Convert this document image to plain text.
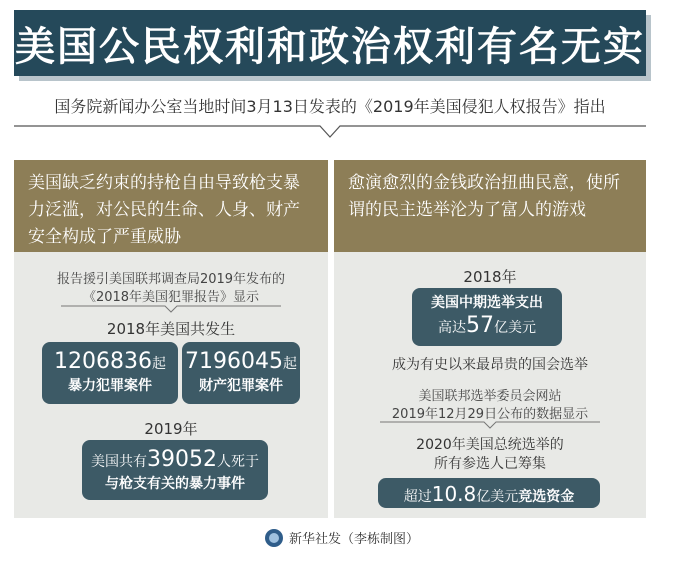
美国公民权利和政治权利有名无实
国务院新闻办公室当地时间3月13日发表的《2019年美国侵犯人权报告》指出
美国缺乏约束的持枪自由导致枪支暴力泛滥，对公民的生命、人身、财产安全构成了严重威胁
报告援引美国联邦调查局2019年发布的
《2018年美国犯罪报告》显示
2018年美国共发生
1206836起
暴力犯罪案件
7196045起
财产犯罪案件
2019年
美国共有39052人死于
与枪支有关的暴力事件
愈演愈烈的金钱政治扭曲民意，使所谓的民主选举沦为了富人的游戏
2018年
美国中期选举支出
高达57亿美元
成为有史以来最昂贵的国会选举
美国联邦选举委员会网站
2019年12月29日公布的数据显示
2020年美国总统选举的
所有参选人已筹集
超过10.8亿美元竞选资金
新华社发（李栋制图）
